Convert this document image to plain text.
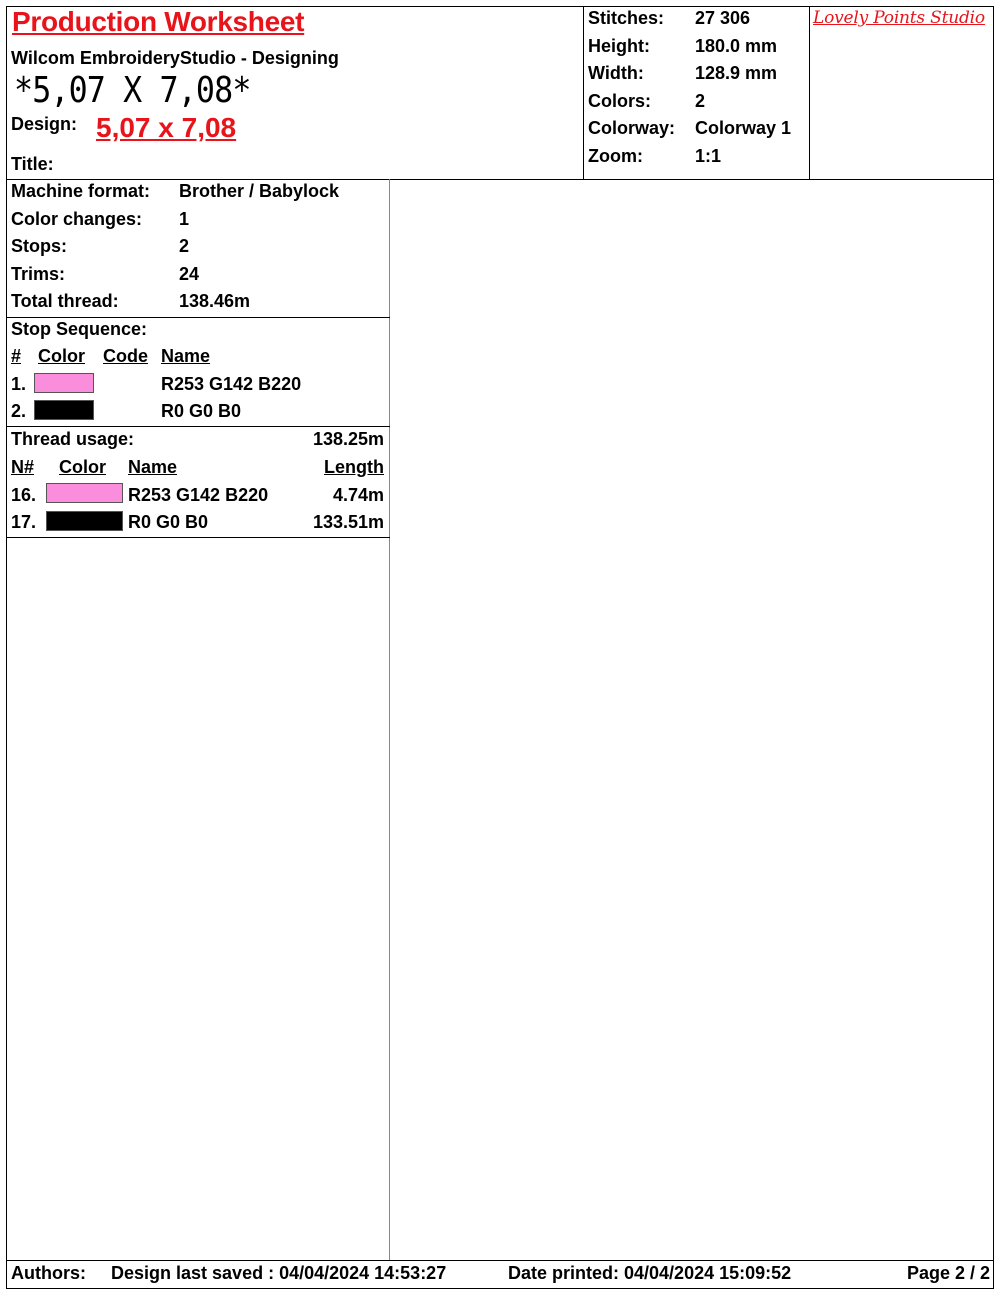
Production Worksheet
Wilcom EmbroideryStudio - Designing
*5,07 X 7,08*
Design: 5,07 x 7,08
Title:
Stitches: 27 306
Height:	180.0 mm
Width:	128.9 mm
Colors: 2
Colorway: Colorway 1
Zoom:	1:1
Lovely Points Studio
Machine format: Brother / Babylock
Color changes: 1
Stops:	2
Trims:	24
Total thread:	138.46m
Stop Sequence:
# Color Code Name
1.	R253 G142 B220
2.	R0 G0 B0
Thread usage:	138.25m
N# Color Name	Length
16.	R253 G142 B220	4.74m
17.	R0 G0 B0	133.51m
Authors: Design last saved : 04/04/2024 14:53:27	Date printed: 04/04/2024 15:09:52	Page 2 / 2
